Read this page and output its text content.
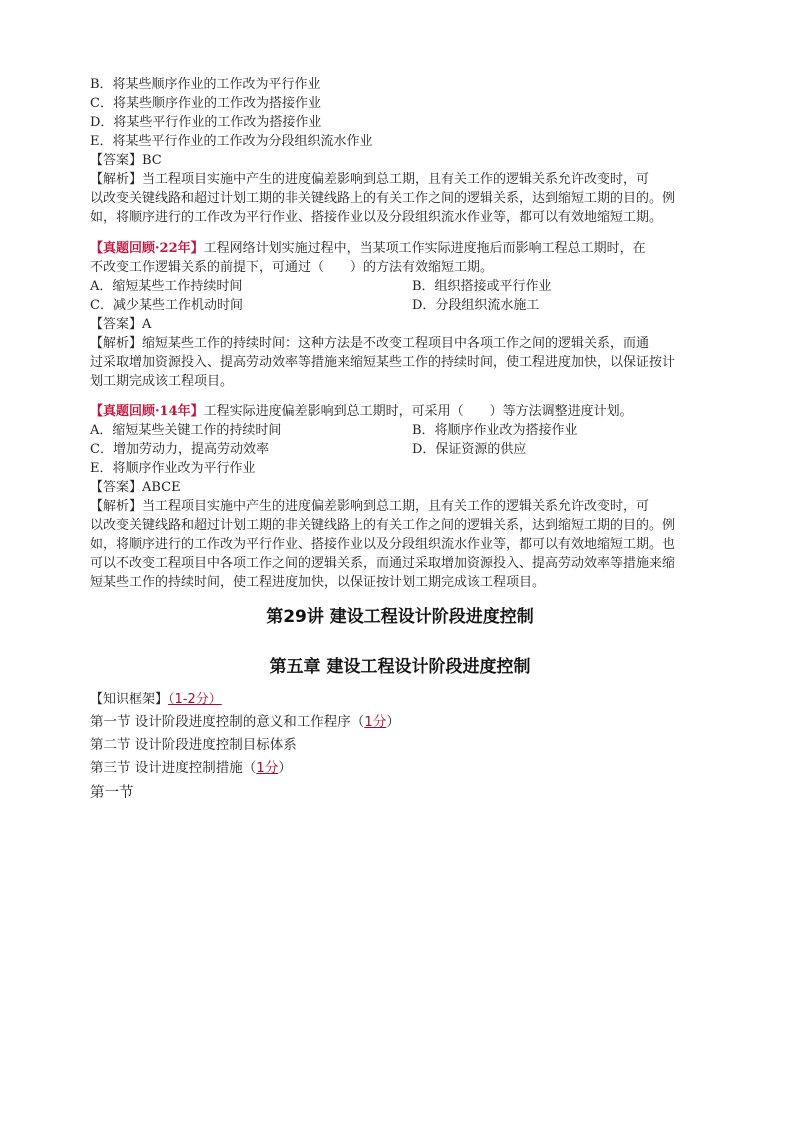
B．将某些顺序作业的工作改为平行作业
C．将某些顺序作业的工作改为搭接作业
D．将某些平行作业的工作改为搭接作业
E．将某些平行作业的工作改为分段组织流水作业
【答案】BC
【解析】当工程项目实施中产生的进度偏差影响到总工期，且有关工作的逻辑关系允许改变时，可
以改变关键线路和超过计划工期的非关键线路上的有关工作之间的逻辑关系，达到缩短工期的目的。例
如，将顺序进行的工作改为平行作业、搭接作业以及分段组织流水作业等，都可以有效地缩短工期。
【真题回顾·22年】工程网络计划实施过程中，当某项工作实际进度拖后而影响工程总工期时，在
不改变工作逻辑关系的前提下，可通过（　　）的方法有效缩短工期。
A．缩短某些工作持续时间	B．组织搭接或平行作业
C．减少某些工作机动时间	D．分段组织流水施工
【答案】A
【解析】缩短某些工作的持续时间：这种方法是不改变工程项目中各项工作之间的逻辑关系，而通
过采取增加资源投入、提高劳动效率等措施来缩短某些工作的持续时间，使工程进度加快，以保证按计
划工期完成该工程项目。
【真题回顾·14年】工程实际进度偏差影响到总工期时，可采用（　　）等方法调整进度计划。
A．缩短某些关键工作的持续时间	B．将顺序作业改为搭接作业
C．增加劳动力，提高劳动效率	D．保证资源的供应
E．将顺序作业改为平行作业
【答案】ABCE
【解析】当工程项目实施中产生的进度偏差影响到总工期，且有关工作的逻辑关系允许改变时，可
以改变关键线路和超过计划工期的非关键线路上的有关工作之间的逻辑关系，达到缩短工期的目的。例
如，将顺序进行的工作改为平行作业、搭接作业以及分段组织流水作业等，都可以有效地缩短工期。也
可以不改变工程项目中各项工作之间的逻辑关系，而通过采取增加资源投入、提高劳动效率等措施来缩
短某些工作的持续时间，使工程进度加快，以保证按计划工期完成该工程项目。
第29讲 建设工程设计阶段进度控制
第五章 建设工程设计阶段进度控制
【知识框架】（1-2分）
第一节 设计阶段进度控制的意义和工作程序（1分）
第二节 设计阶段进度控制目标体系
第三节 设计进度控制措施（1分）
第一节
